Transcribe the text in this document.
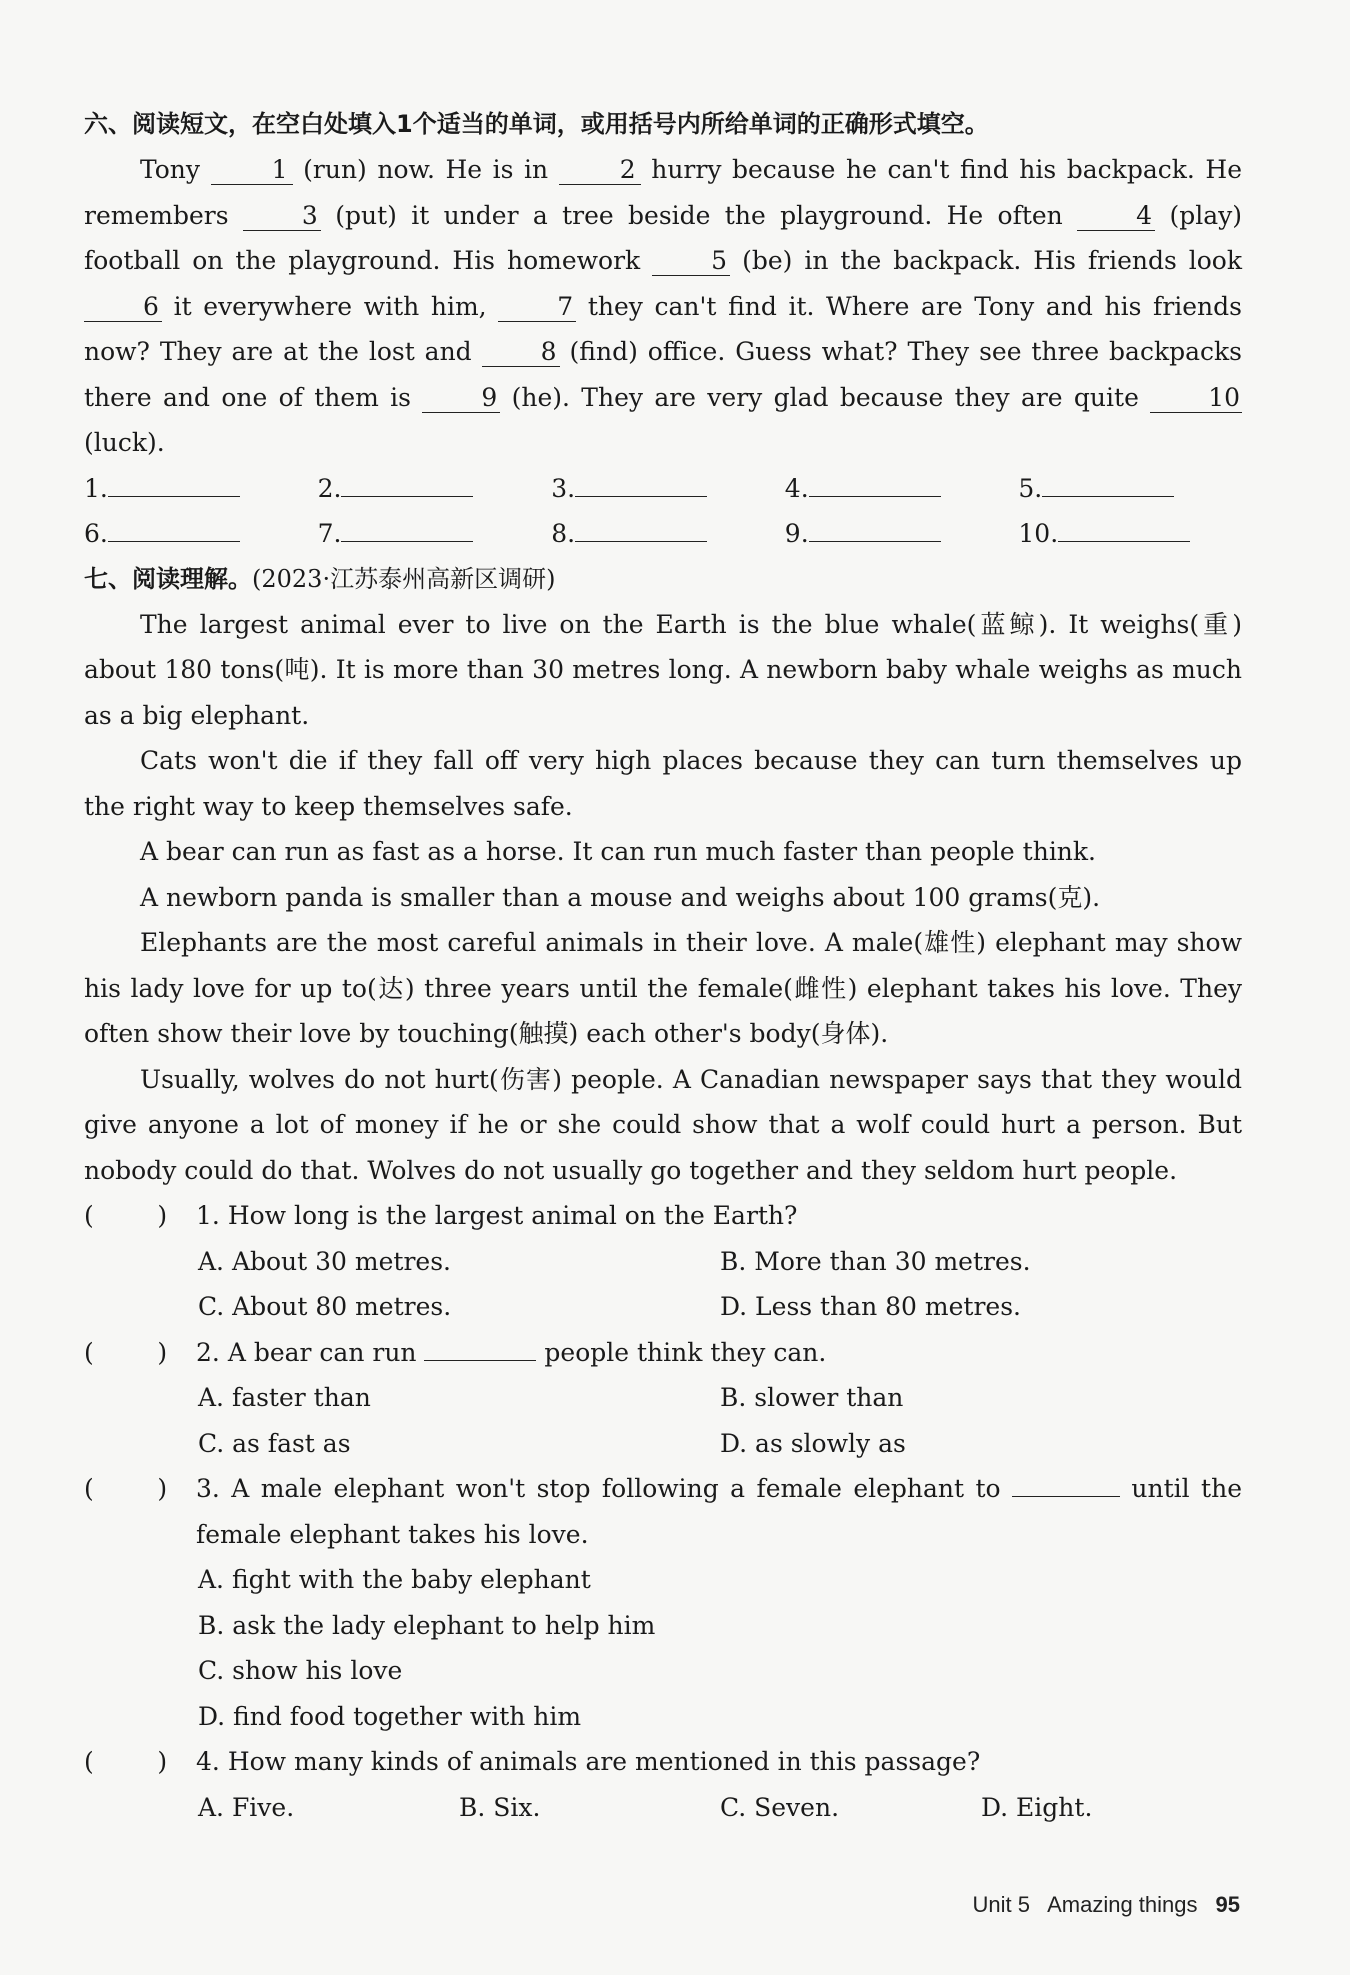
六、阅读短文，在空白处填入1个适当的单词，或用括号内所给单词的正确形式填空。

Tony 1 (run) now. He is in 2 hurry because he can't find his backpack. He remembers 3 (put) it under a tree beside the playground. He often 4 (play) football on the playground. His homework 5 (be) in the backpack. His friends look 6 it everywhere with him, 7 they can't find it. Where are Tony and his friends now? They are at the lost and 8 (find) office. Guess what? They see three backpacks there and one of them is 9 (he). They are very glad because they are quite 10 (luck).

1.	2.	3.	4.	5.
6.	7.	8.	9.	10.
七、阅读理解。(2023·江苏泰州高新区调研)

The largest animal ever to live on the Earth is the blue whale(蓝鲸). It weighs(重) about 180 tons(吨). It is more than 30 metres long. A newborn baby whale weighs as much as a big elephant.

Cats won't die if they fall off very high places because they can turn themselves up the right way to keep themselves safe.

A bear can run as fast as a horse. It can run much faster than people think.

A newborn panda is smaller than a mouse and weighs about 100 grams(克).

Elephants are the most careful animals in their love. A male(雄性) elephant may show his lady love for up to(达) three years until the female(雌性) elephant takes his love. They often show their love by touching(触摸) each other's body(身体).

Usually, wolves do not hurt(伤害) people. A Canadian newspaper says that they would give anyone a lot of money if he or she could show that a wolf could hurt a person. But nobody could do that. Wolves do not usually go together and they seldom hurt people.

(        )	1. How long is the largest animal on the Earth?
A. About 30 metres.	B. More than 30 metres.
C. About 80 metres.	D. Less than 80 metres.
(        )	2. A bear can run	people think they can.
A. faster than	B. slower than
C. as fast as	D. as slowly as
(        )	3. A male elephant won't stop following a female elephant to	until the female elephant takes his love.
A. fight with the baby elephant
B. ask the lady elephant to help him
C. show his love
D. find food together with him
(        )	4. How many kinds of animals are mentioned in this passage?
A. Five.	B. Six.	C. Seven.	D. Eight.
Unit 5   Amazing things 95
